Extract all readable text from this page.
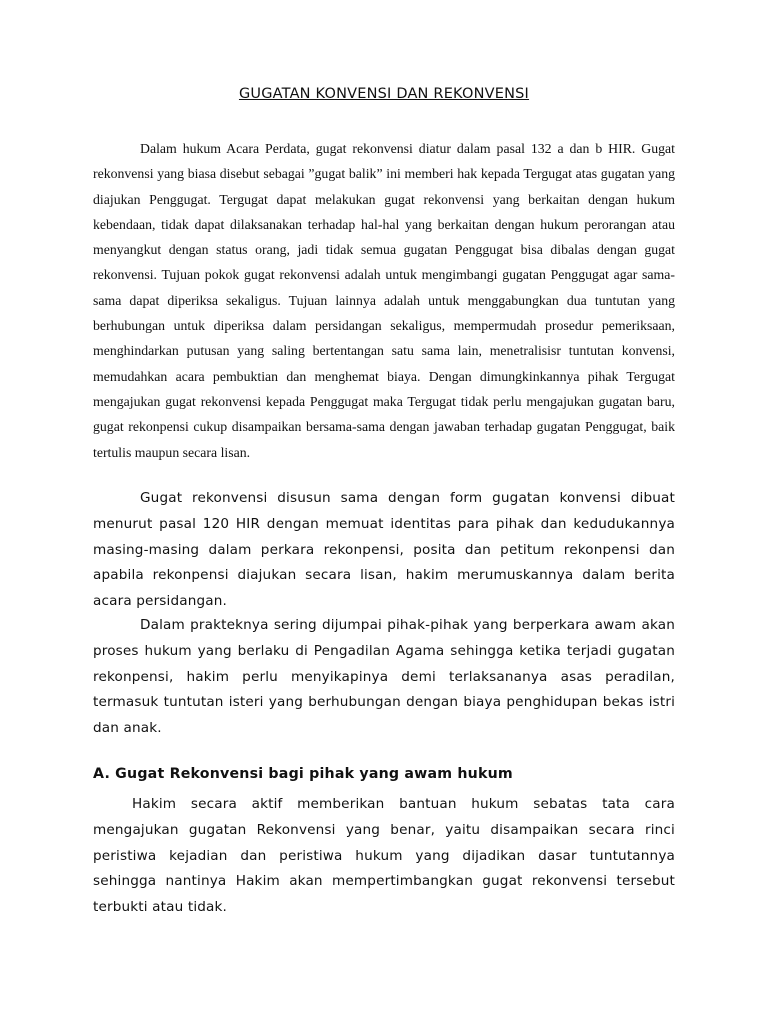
GUGATAN KONVENSI DAN REKONVENSI

Dalam hukum Acara Perdata, gugat rekonvensi diatur dalam pasal 132 a dan b HIR. Gugat rekonvensi yang biasa disebut sebagai ”gugat balik” ini memberi hak kepada Tergugat atas gugatan yang diajukan Penggugat. Tergugat dapat melakukan gugat rekonvensi yang berkaitan dengan hukum kebendaan, tidak dapat dilaksanakan terhadap hal-hal yang berkaitan dengan hukum perorangan atau menyangkut dengan status orang, jadi tidak semua gugatan Penggugat bisa dibalas dengan gugat rekonvensi. Tujuan pokok gugat rekonvensi adalah untuk mengimbangi gugatan Penggugat agar sama-sama dapat diperiksa sekaligus. Tujuan lainnya adalah untuk menggabungkan dua tuntutan yang berhubungan untuk diperiksa dalam persidangan sekaligus, mempermudah prosedur pemeriksaan, menghindarkan putusan yang saling bertentangan satu sama lain, menetralisisr tuntutan konvensi, memudahkan acara pembuktian dan menghemat biaya. Dengan dimungkinkannya pihak Tergugat mengajukan gugat rekonvensi kepada Penggugat maka Tergugat tidak perlu mengajukan gugatan baru, gugat rekonpensi cukup disampaikan bersama-sama dengan jawaban terhadap gugatan Penggugat, baik tertulis maupun secara lisan.

Gugat rekonvensi disusun sama dengan form gugatan konvensi dibuat menurut pasal 120 HIR dengan memuat identitas para pihak dan kedudukannya masing-masing dalam perkara rekonpensi, posita dan petitum rekonpensi dan apabila rekonpensi diajukan secara lisan, hakim merumuskannya dalam berita acara persidangan.

Dalam prakteknya sering dijumpai pihak-pihak yang berperkara awam akan proses hukum yang berlaku di Pengadilan Agama sehingga ketika terjadi gugatan rekonpensi, hakim perlu menyikapinya demi terlaksananya asas peradilan, termasuk tuntutan isteri yang berhubungan dengan biaya penghidupan bekas istri dan anak.

A. Gugat Rekonvensi bagi pihak yang awam hukum

Hakim secara aktif memberikan bantuan hukum sebatas tata cara mengajukan gugatan Rekonvensi yang benar, yaitu disampaikan secara rinci peristiwa kejadian dan peristiwa hukum yang dijadikan dasar tuntutannya sehingga nantinya Hakim akan mempertimbangkan gugat rekonvensi tersebut terbukti atau tidak.
